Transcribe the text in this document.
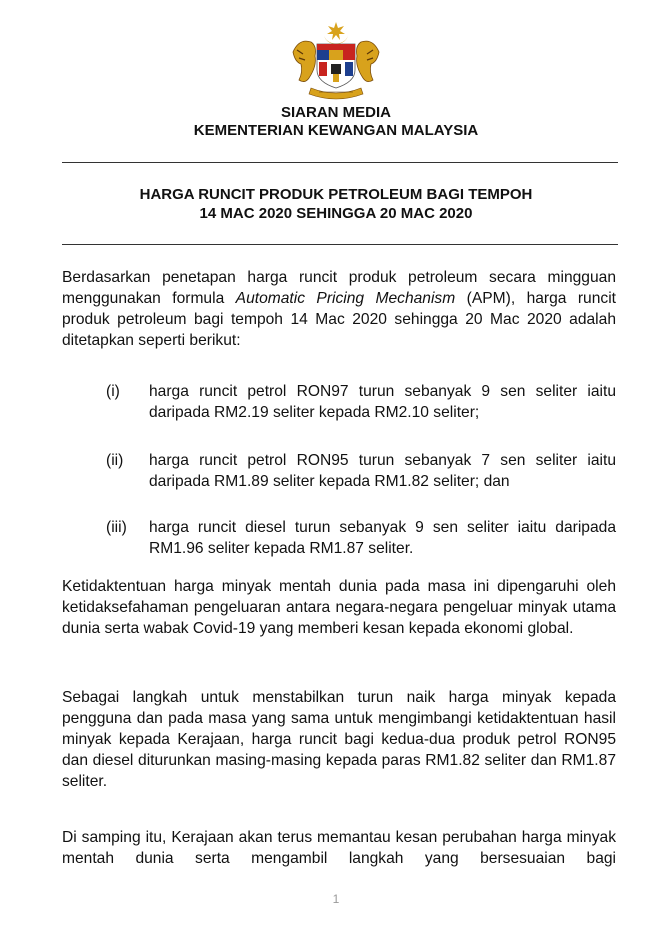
SIARAN MEDIA
KEMENTERIAN KEWANGAN MALAYSIA
HARGA RUNCIT PRODUK PETROLEUM BAGI TEMPOH
14 MAC 2020 SEHINGGA 20 MAC 2020

Berdasarkan penetapan harga runcit produk petroleum secara mingguan menggunakan formula Automatic Pricing Mechanism (APM), harga runcit produk petroleum bagi tempoh 14 Mac 2020 sehingga 20 Mac 2020 adalah ditetapkan seperti berikut:

(i) harga runcit petrol RON97 turun sebanyak 9 sen seliter iaitu daripada RM2.19 seliter kepada RM2.10 seliter;
(ii) harga runcit petrol RON95 turun sebanyak 7 sen seliter iaitu daripada RM1.89 seliter kepada RM1.82 seliter; dan
(iii) harga runcit diesel turun sebanyak 9 sen seliter iaitu daripada RM1.96 seliter kepada RM1.87 seliter.

Ketidaktentuan harga minyak mentah dunia pada masa ini dipengaruhi oleh ketidaksefahaman pengeluaran antara negara-negara pengeluar minyak utama dunia serta wabak Covid-19 yang memberi kesan kepada ekonomi global.

Sebagai langkah untuk menstabilkan turun naik harga minyak kepada pengguna dan pada masa yang sama untuk mengimbangi ketidaktentuan hasil minyak kepada Kerajaan, harga runcit bagi kedua-dua produk petrol RON95 dan diesel diturunkan masing-masing kepada paras RM1.82 seliter dan RM1.87 seliter.

Di samping itu, Kerajaan akan terus memantau kesan perubahan harga minyak mentah dunia serta mengambil langkah yang bersesuaian bagi

1
